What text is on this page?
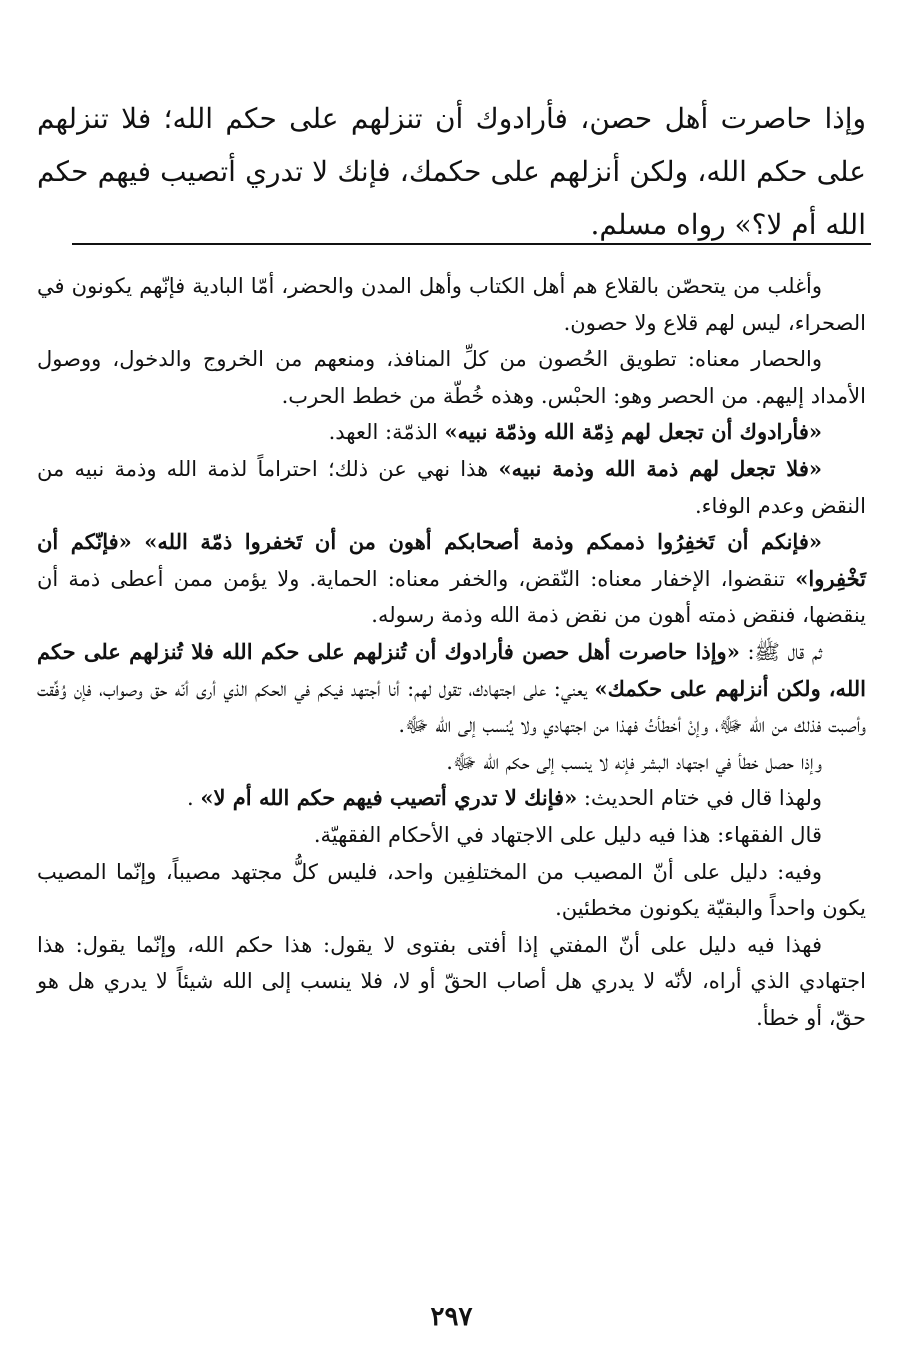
وإذا حاصرت أهل حصن، فأرادوك أن تنزلهم على حكم الله؛ فلا تنزلهم على حكم الله، ولكن أنزلهم على حكمك، فإنك لا تدري أتصيب فيهم حكم الله أم لا؟» رواه مسلم.

وأغلب من يتحصّن بالقلاع هم أهل الكتاب وأهل المدن والحضر، أمّا البادية فإنّهم يكونون في الصحراء، ليس لهم قلاع ولا حصون.

والحصار معناه: تطويق الحُصون من كلِّ المنافذ، ومنعهم من الخروج والدخول، ووصول الأمداد إليهم. من الحصر وهو: الحبْس. وهذه خُطّة من خطط الحرب.

«فأرادوك أن تجعل لهم ذِمّة الله وذمّة نبيه» الذمّة: العهد.

«فلا تجعل لهم ذمة الله وذمة نبيه» هذا نهي عن ذلك؛ احتراماً لذمة الله وذمة نبيه من النقض وعدم الوفاء.

«فإنكم أن تَخفِرُوا ذممكم وذمة أصحابكم أهون من أن تَخفروا ذمّة الله» «فإنّكم أن تَخْفِروا» تنقضوا، الإخفار معناه: النّقض، والخفر معناه: الحماية. ولا يؤمن ممن أعطى ذمة أن ينقضها، فنقض ذمته أهون من نقض ذمة الله وذمة رسوله.

ثم قال ﷺ: «وإذا حاصرت أهل حصن فأرادوك أن تُنزلهم على حكم الله فلا تُنزلهم على حكم الله، ولكن أنزلهم على حكمك» يعني: على اجتهادك، تقول لهم: أنا أجتهد فيكم في الحكم الذي أرى أنّه حق وصواب، فإن وُفِّقت وأصبت فذلك من الله ﷻ، وإنْ أخطأتُ فهذا من اجتهادي ولا يُنسب إلى الله ﷻ.

وإذا حصل خطأ في اجتهاد البشر فإنه لا ينسب إلى حكم الله ﷻ.

ولهذا قال في ختام الحديث: «فإنك لا تدري أتصيب فيهم حكم الله أم لا» .

قال الفقهاء: هذا فيه دليل على الاجتهاد في الأحكام الفقهيّة.

وفيه: دليل على أنّ المصيب من المختلفِين واحد، فليس كلُّ مجتهد مصيباً، وإنّما المصيب يكون واحداً والبقيّة يكونون مخطئين.

فهذا فيه دليل على أنّ المفتي إذا أفتى بفتوى لا يقول: هذا حكم الله، وإنّما يقول: هذا اجتهادي الذي أراه، لأنّه لا يدري هل أصاب الحقّ أو لا، فلا ينسب إلى الله شيئاً لا يدري هل هو حقّ، أو خطأ.

٢٩٧
